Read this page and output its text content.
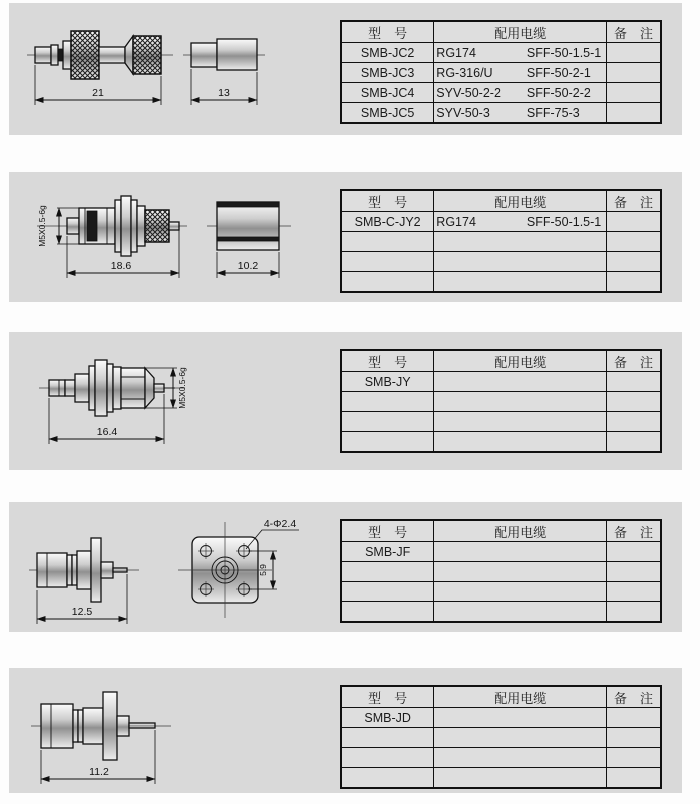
21	13
型　号	配用电缆	备　注
SMB-JC2	RG174 SFF-50-1.5-1	
SMB-JC3	RG-316/U SFF-50-2-1	
SMB-JC4	SYV-50-2-2 SFF-50-2-2	
SMB-JC5	SYV-50-3 SFF-75-3	
M5X0.5-6g
18.6	10.2
型　号	配用电缆	备　注
SMB-C-JY2	RG174 SFF-50-1.5-1	

M5X0.5-6g
16.4
型　号	配用电缆	备　注
SMB-JY		

12.5
4-Φ2.4
5.9
型　号	配用电缆	备　注
SMB-JF		

11.2
型　号	配用电缆	备　注
SMB-JD		
